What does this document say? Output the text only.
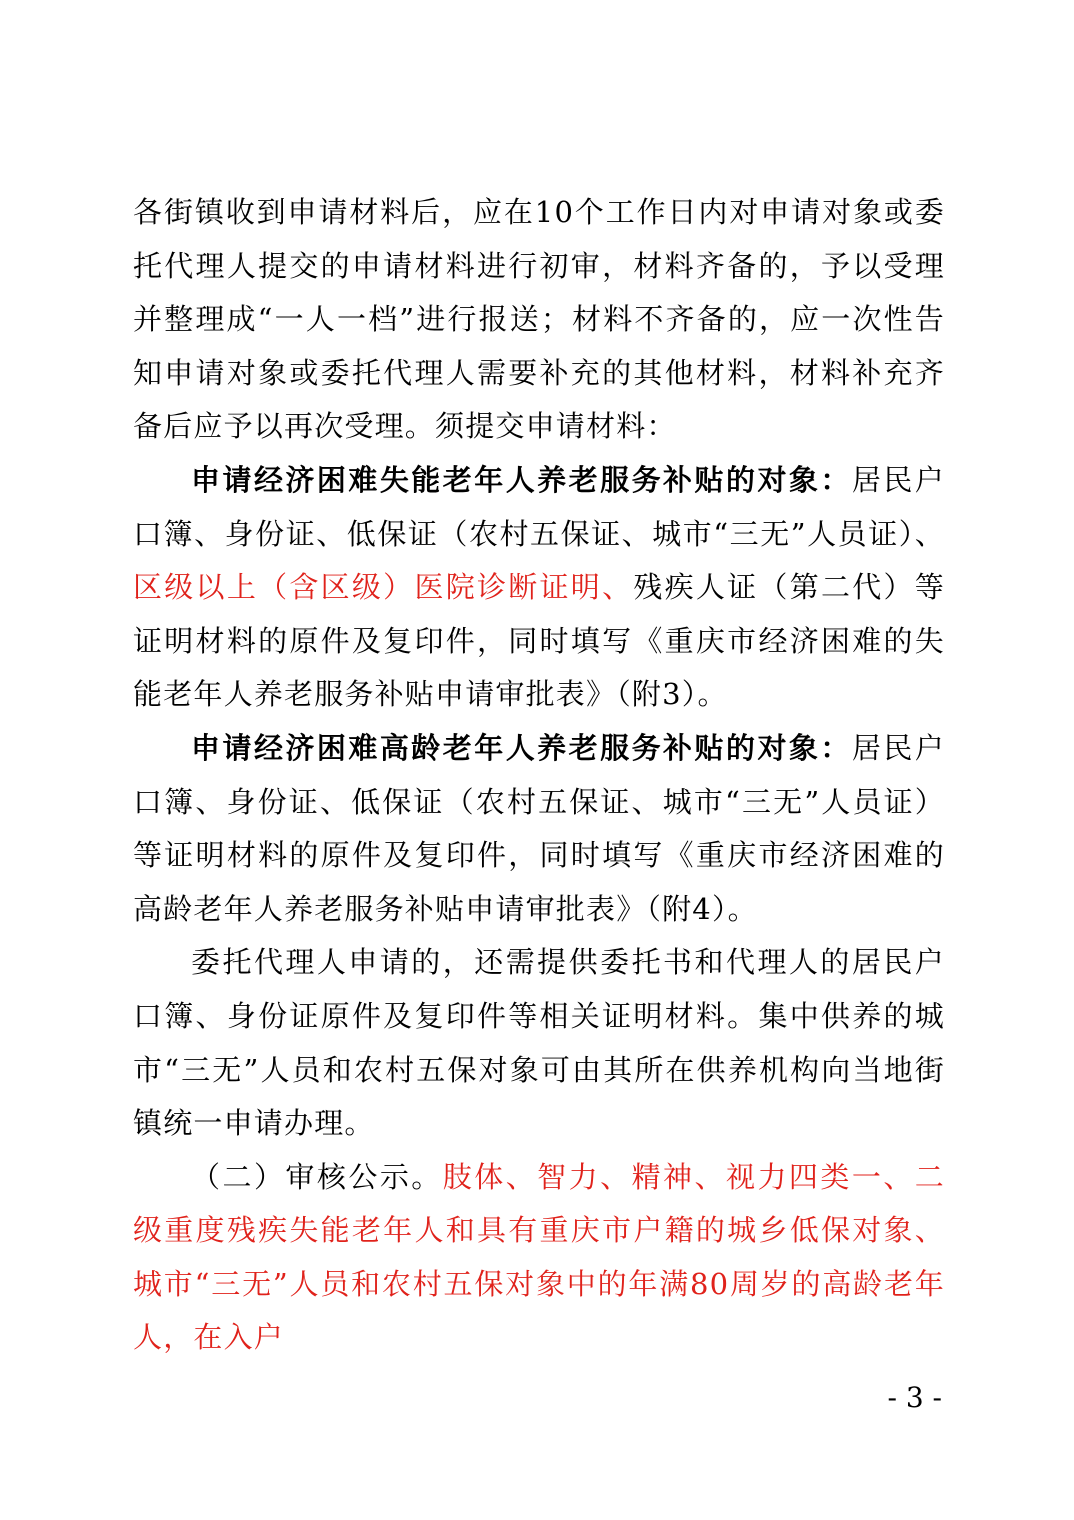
各街镇收到申请材料后，应在10个工作日内对申请对象或委托代理人提交的申请材料进行初审，材料齐备的，予以受理并整理成“一人一档”进行报送；材料不齐备的，应一次性告知申请对象或委托代理人需要补充的其他材料，材料补充齐备后应予以再次受理。须提交申请材料：

申请经济困难失能老年人养老服务补贴的对象：居民户口簿、身份证、低保证（农村五保证、城市“三无”人员证）、区级以上（含区级）医院诊断证明、残疾人证（第二代）等证明材料的原件及复印件，同时填写《重庆市经济困难的失能老年人养老服务补贴申请审批表》（附3）。

申请经济困难高龄老年人养老服务补贴的对象：居民户口簿、身份证、低保证（农村五保证、城市“三无”人员证）等证明材料的原件及复印件，同时填写《重庆市经济困难的高龄老年人养老服务补贴申请审批表》（附4）。

委托代理人申请的，还需提供委托书和代理人的居民户口簿、身份证原件及复印件等相关证明材料。集中供养的城市“三无”人员和农村五保对象可由其所在供养机构向当地街镇统一申请办理。

（二）审核公示。肢体、智力、精神、视力四类一、二级重度残疾失能老年人和具有重庆市户籍的城乡低保对象、城市“三无”人员和农村五保对象中的年满80周岁的高龄老年人，在入户

- 3 -
